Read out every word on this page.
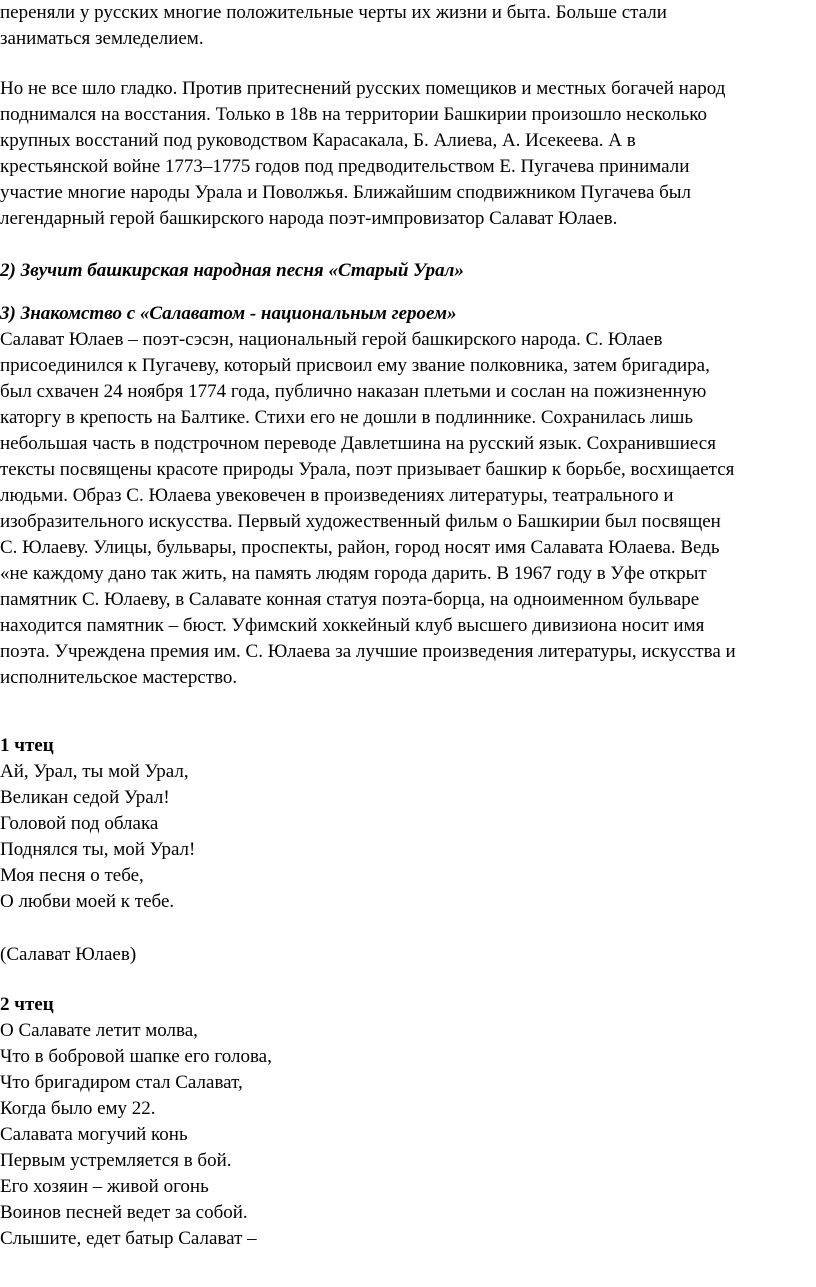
переняли у русских многие положительные черты их жизни и быта. Больше стали
заниматься земледелием.
Но не все шло гладко. Против притеснений русских помещиков и местных богачей народ
поднимался на восстания. Только в 18в на территории Башкирии произошло несколько
крупных восстаний под руководством Карасакала, Б. Алиева, А. Исекеева. А в
крестьянской войне 1773–1775 годов под предводительством Е. Пугачева принимали
участие многие народы Урала и Поволжья. Ближайшим сподвижником Пугачева был
легендарный герой башкирского народа поэт-импровизатор Салават Юлаев.
2) Звучит башкирская народная песня «Старый Урал»
3) Знакомство с «Салаватом - национальным героем»
Салават Юлаев – поэт-сэсэн, национальный герой башкирского народа. С. Юлаев
присоединился к Пугачеву, который присвоил ему звание полковника, затем бригадира,
был схвачен 24 ноября 1774 года, публично наказан плетьми и сослан на пожизненную
каторгу в крепость на Балтике. Стихи его не дошли в подлиннике. Сохранилась лишь
небольшая часть в подстрочном переводе Давлетшина на русский язык. Сохранившиеся
тексты посвящены красоте природы Урала, поэт призывает башкир к борьбе, восхищается
людьми. Образ С. Юлаева увековечен в произведениях литературы, театрального и
изобразительного искусства. Первый художественный фильм о Башкирии был посвящен
С. Юлаеву. Улицы, бульвары, проспекты, район, город носят имя Салавата Юлаева. Ведь
«не каждому дано так жить, на память людям города дарить. В 1967 году в Уфе открыт
памятник С. Юлаеву, в Салавате конная статуя поэта-борца, на одноименном бульваре
находится памятник – бюст. Уфимский хоккейный клуб высшего дивизиона носит имя
поэта. Учреждена премия им. С. Юлаева за лучшие произведения литературы, искусства и
исполнительское мастерство.
1 чтец
Ай, Урал, ты мой Урал,
Великан седой Урал!
Головой под облака
Поднялся ты, мой Урал!
Моя песня о тебе,
О любви моей к тебе.
(Салават Юлаев)
2 чтец
О Салавате летит молва,
Что в бобровой шапке его голова,
Что бригадиром стал Салават,
Когда было ему 22.
Салавата могучий конь
Первым устремляется в бой.
Его хозяин – живой огонь
Воинов песней ведет за собой.
Слышите, едет батыр Салават –
